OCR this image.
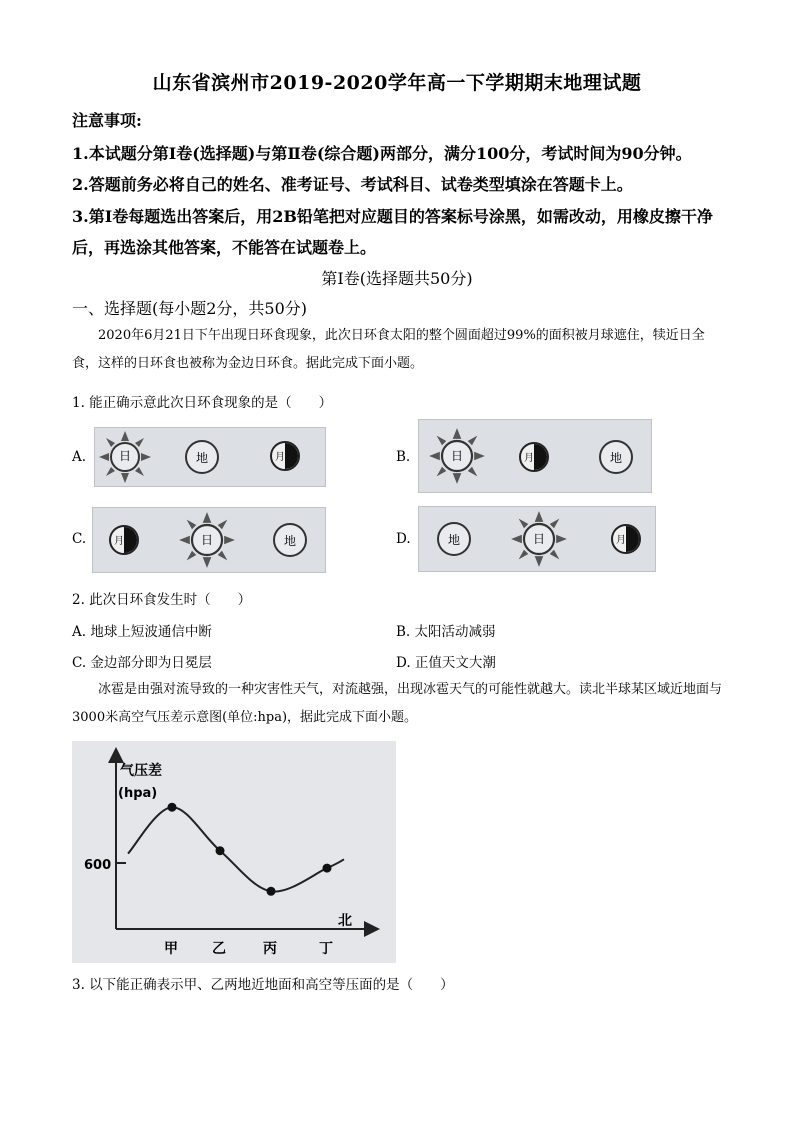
山东省滨州市2019-2020学年高一下学期期末地理试题
注意事项:
1.本试题分第Ⅰ卷(选择题)与第Ⅱ卷(综合题)两部分，满分100分，考试时间为90分钟。
2.答题前务必将自己的姓名、准考证号、考试科目、试卷类型填涂在答题卡上。
3.第Ⅰ卷每题选出答案后，用2B铅笔把对应题目的答案标号涂黑，如需改动，用橡皮擦干净
后，再选涂其他答案，不能答在试题卷上。
第Ⅰ卷(选择题共50分)
一、选择题(每小题2分，共50分)
2020年6月21日下午出现日环食现象，此次日环食太阳的整个圆面超过99%的面积被月球遮住，犊近日全食，这样的日环食也被称为金边日环食。据此完成下面小题。
1. 能正确示意此次日环食现象的是（　　）
A.	日	地	月	B.	日	月	地
C.	月	日	地	D.	地	日	月
2. 此次日环食发生时（　　）
A. 地球上短波通信中断	B. 太阳活动减弱
C. 金边部分即为日冕层	D. 正值天文大潮
冰雹是由强对流导致的一种灾害性天气，对流越强，出现冰雹天气的可能性就越大。读北半球某区域近地面与3000米高空气压差示意图(单位:hpa)，据此完成下面小题。
气压差
(hpa)
600
北
甲 乙	丙	丁
3. 以下能正确表示甲、乙两地近地面和高空等压面的是（　　）
